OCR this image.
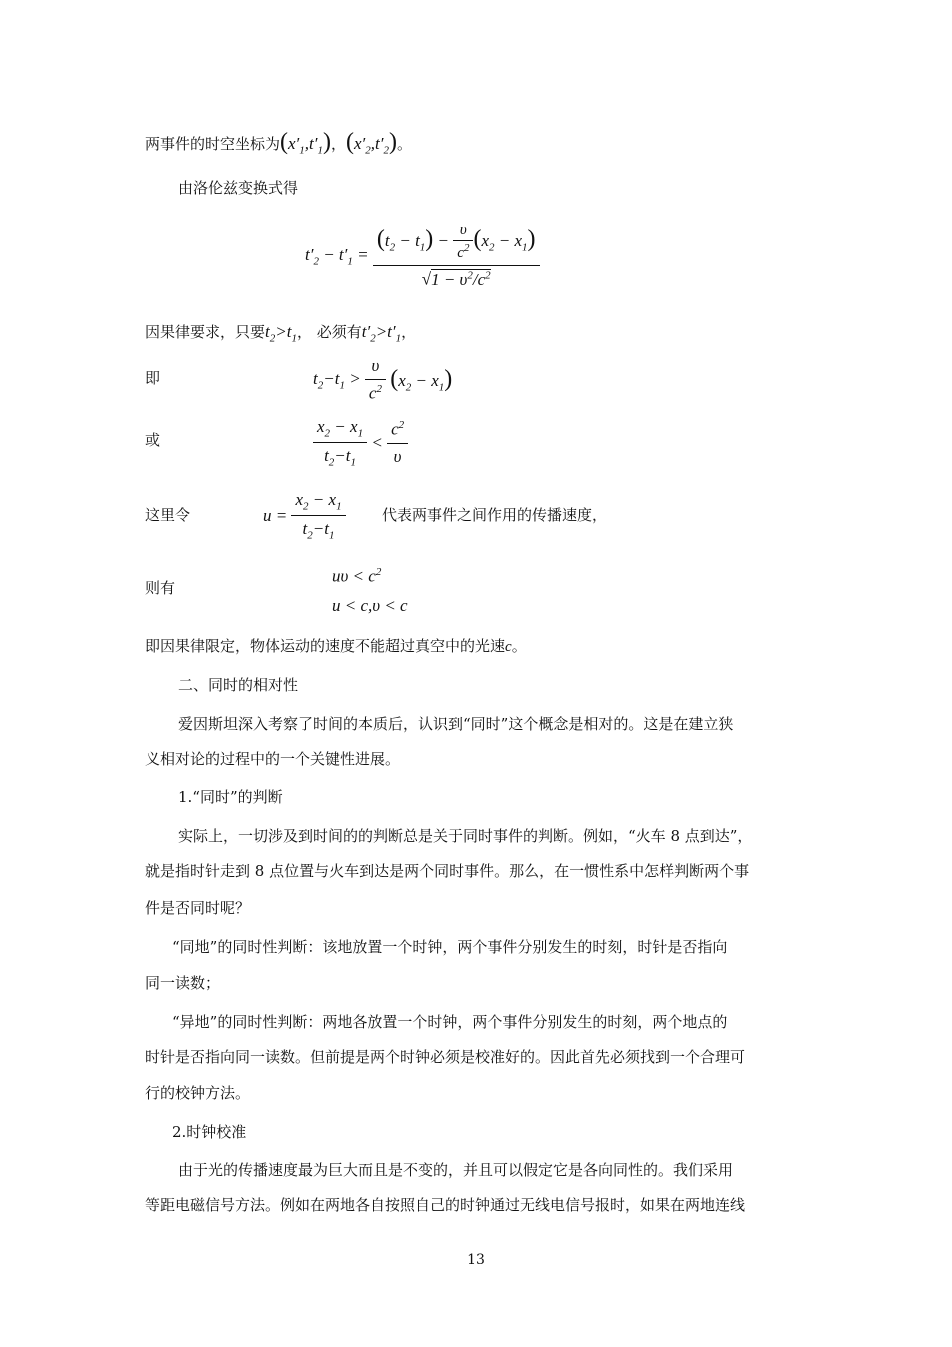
两事件的时空坐标为$(x'_1,t'_1)$，$(x'_2,t'_2)$。
由洛伦兹变换式得
$t'_2 - t'_1 = \frac{(t_2 - t_1) - \frac{\upsilon}{c^2} (x_2 - x_1)}{√1 - \upsilon^2/c^2}$
因果律要求，只要$t_2>t_1$， 必须有$t'_2>t'_1$，
即	$t_2-t_1 > \frac{\upsilon}{c^2} (x_2 - x_1)$
或	$\frac{x_2 - x_1}{t_2-t_1} < \frac{c^2}{\upsilon}$
这里令	$u = \frac{x_2 - x_1}{t_2-t_1}$ 代表两事件之间作用的传播速度，
则有
$u\upsilon < c^2$
u < c,υ < c
即因果律限定，物体运动的速度不能超过真空中的光速c。
二、同时的相对性
爱因斯坦深入考察了时间的本质后，认识到“同时”这个概念是相对的。这是在建立狭
义相对论的过程中的一个关键性进展。
1.“同时”的判断
实际上，一切涉及到时间的的判断总是关于同时事件的判断。例如，“火车 8 点到达”，
就是指时针走到 8 点位置与火车到达是两个同时事件。那么，在一惯性系中怎样判断两个事
件是否同时呢？
“同地”的同时性判断：该地放置一个时钟，两个事件分别发生的时刻，时针是否指向
同一读数；
“异地”的同时性判断：两地各放置一个时钟，两个事件分别发生的时刻，两个地点的
时针是否指向同一读数。但前提是两个时钟必须是校准好的。因此首先必须找到一个合理可
行的校钟方法。
2.时钟校准
由于光的传播速度最为巨大而且是不变的，并且可以假定它是各向同性的。我们采用
等距电磁信号方法。例如在两地各自按照自己的时钟通过无线电信号报时，如果在两地连线
13
